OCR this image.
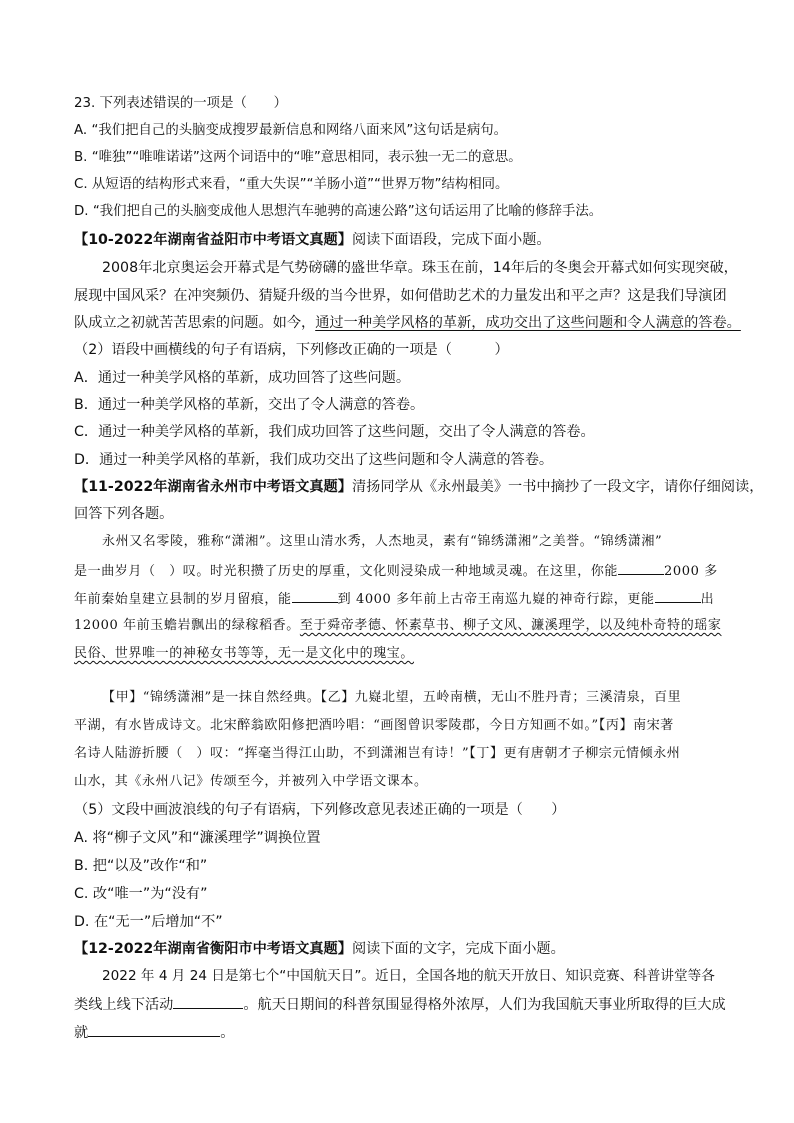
23. 下列表述错误的一项是（　　）
A. “我们把自己的头脑变成搜罗最新信息和网络八面来风”这句话是病句。
B. “唯独”“唯唯诺诺”这两个词语中的“唯”意思相同，表示独一无二的意思。
C. 从短语的结构形式来看，“重大失误”“羊肠小道”“世界万物”结构相同。
D. “我们把自己的头脑变成他人思想汽车驰骋的高速公路”这句话运用了比喻的修辞手法。
【10-2022年湖南省益阳市中考语文真题】阅读下面语段，完成下面小题。
2008年北京奥运会开幕式是气势磅礴的盛世华章。珠玉在前，14年后的冬奥会开幕式如何实现突破，
展现中国风采？在冲突频仍、猜疑升级的当今世界，如何借助艺术的力量发出和平之声？这是我们导演团
队成立之初就苦苦思索的问题。如今，通过一种美学风格的革新，成功交出了这些问题和令人满意的答卷。
（2）语段中画横线的句子有语病，下列修改正确的一项是（　　　）
A．通过一种美学风格的革新，成功回答了这些问题。
B．通过一种美学风格的革新，交出了令人满意的答卷。
C．通过一种美学风格的革新，我们成功回答了这些问题，交出了令人满意的答卷。
D．通过一种美学风格的革新，我们成功交出了这些问题和令人满意的答卷。
【11-2022年湖南省永州市中考语文真题】清扬同学从《永州最美》一书中摘抄了一段文字，请你仔细阅读，
回答下列各题。
永州又名零陵，雅称“潇湘”。这里山清水秀，人杰地灵，素有“锦绣潇湘”之美誉。“锦绣潇湘”
是一曲岁月（　）叹。时光积攒了历史的厚重，文化则浸染成一种地域灵魂。在这里，你能	2000 多
年前秦始皇建立县制的岁月留痕，能	到 4000 多年前上古帝王南巡九嶷的神奇行踪，更能	出
12000 年前玉蟾岩飘出的绿稼稻香。至于舜帝孝德、怀素草书、柳子文风、濂溪理学，以及纯朴奇特的瑶家
民俗、世界唯一的神秘女书等等，无一是文化中的瑰宝。
【甲】“锦绣潇湘”是一抹自然经典。【乙】九嶷北望，五岭南横，无山不胜丹青；三溪清泉，百里
平湖，有水皆成诗文。北宋醉翁欧阳修把酒吟唱：“画图曾识零陵郡，今日方知画不如。”【丙】南宋著
名诗人陆游折腰（　）叹：“挥毫当得江山助，不到潇湘岂有诗！”【丁】更有唐朝才子柳宗元情倾永州
山水，其《永州八记》传颂至今，并被列入中学语文课本。
（5）文段中画波浪线的句子有语病，下列修改意见表述正确的一项是（　　）
A. 将“柳子文风”和“濂溪理学”调换位置
B. 把“以及”改作“和”
C. 改“唯一”为“没有”
D. 在“无一”后增加“不”
【12-2022年湖南省衡阳市中考语文真题】阅读下面的文字，完成下面小题。
2022 年 4 月 24 日是第七个“中国航天日”。近日，全国各地的航天开放日、知识竞赛、科普讲堂等各
类线上线下活动	。航天日期间的科普氛围显得格外浓厚，人们为我国航天事业所取得的巨大成
就	。
